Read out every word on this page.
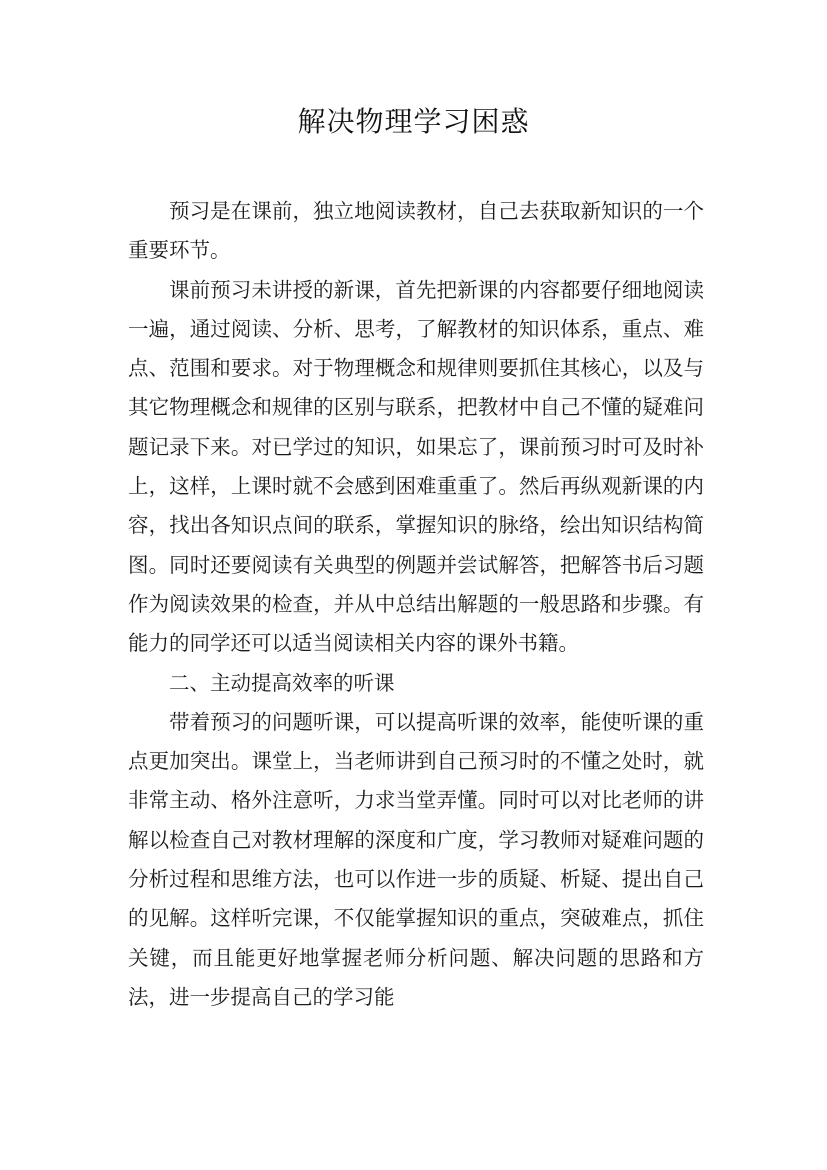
解决物理学习困惑

预习是在课前，独立地阅读教材，自己去获取新知识的一个重要环节。

课前预习未讲授的新课，首先把新课的内容都要仔细地阅读一遍，通过阅读、分析、思考，了解教材的知识体系，重点、难点、范围和要求。对于物理概念和规律则要抓住其核心，以及与其它物理概念和规律的区别与联系，把教材中自己不懂的疑难问题记录下来。对已学过的知识，如果忘了，课前预习时可及时补上，这样，上课时就不会感到困难重重了。然后再纵观新课的内容，找出各知识点间的联系，掌握知识的脉络，绘出知识结构简图。同时还要阅读有关典型的例题并尝试解答，把解答书后习题作为阅读效果的检查，并从中总结出解题的一般思路和步骤。有能力的同学还可以适当阅读相关内容的课外书籍。

二、主动提高效率的听课

带着预习的问题听课，可以提高听课的效率，能使听课的重点更加突出。课堂上，当老师讲到自己预习时的不懂之处时，就非常主动、格外注意听，力求当堂弄懂。同时可以对比老师的讲解以检查自己对教材理解的深度和广度，学习教师对疑难问题的分析过程和思维方法，也可以作进一步的质疑、析疑、提出自己的见解。这样听完课，不仅能掌握知识的重点，突破难点，抓住关键，而且能更好地掌握老师分析问题、解决问题的思路和方法，进一步提高自己的学习能
